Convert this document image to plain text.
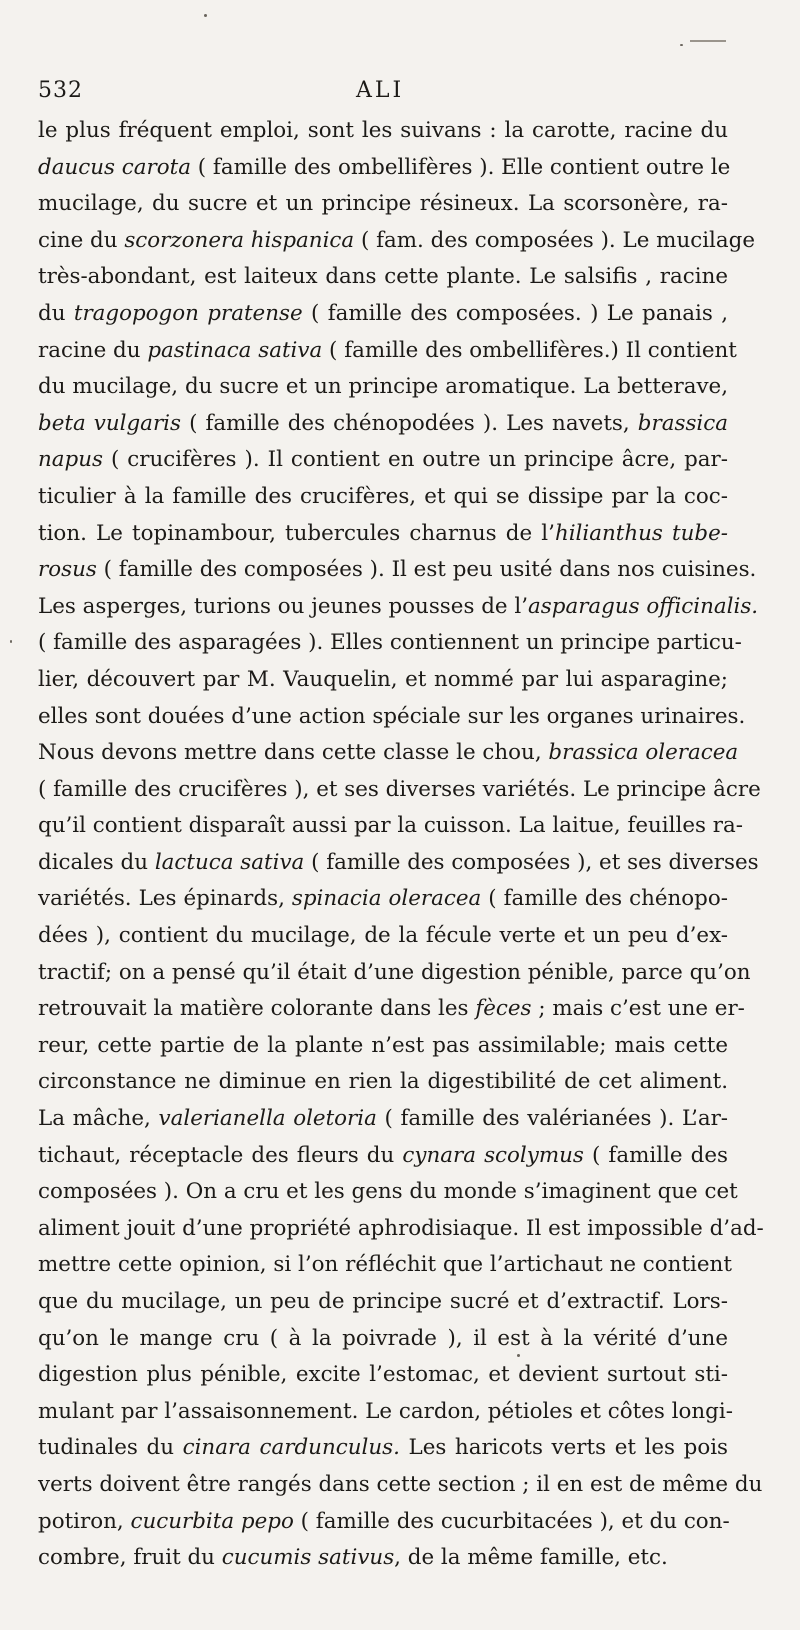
532	ALI
le plus fréquent emploi, sont les suivans : la carotte, racine du
daucus carota ( famille des ombellifères ). Elle contient outre le
mucilage, du sucre et un principe résineux. La scorsonère, ra-
cine du scorzonera hispanica ( fam. des composées ). Le mucilage
très-abondant, est laiteux dans cette plante. Le salsifis , racine
du tragopogon pratense ( famille des composées. ) Le panais ,
racine du pastinaca sativa ( famille des ombellifères.) Il contient
du mucilage, du sucre et un principe aromatique. La betterave,
beta vulgaris ( famille des chénopodées ). Les navets, brassica
napus ( crucifères ). Il contient en outre un principe âcre, par-
ticulier à la famille des crucifères, et qui se dissipe par la coc-
tion. Le topinambour, tubercules charnus de l’hilianthus tube-
rosus ( famille des composées ). Il est peu usité dans nos cuisines.
Les asperges, turions ou jeunes pousses de l’asparagus officinalis.
( famille des asparagées ). Elles contiennent un principe particu-
lier, découvert par M. Vauquelin, et nommé par lui asparagine;
elles sont douées d’une action spéciale sur les organes urinaires.
Nous devons mettre dans cette classe le chou, brassica oleracea
( famille des crucifères ), et ses diverses variétés. Le principe âcre
qu’il contient disparaît aussi par la cuisson. La laitue, feuilles ra-
dicales du lactuca sativa ( famille des composées ), et ses diverses
variétés. Les épinards, spinacia oleracea ( famille des chénopo-
dées ), contient du mucilage, de la fécule verte et un peu d’ex-
tractif; on a pensé qu’il était d’une digestion pénible, parce qu’on
retrouvait la matière colorante dans les fèces ; mais c’est une er-
reur, cette partie de la plante n’est pas assimilable; mais cette
circonstance ne diminue en rien la digestibilité de cet aliment.
La mâche, valerianella oletoria ( famille des valérianées ). L’ar-
tichaut, réceptacle des fleurs du cynara scolymus ( famille des
composées ). On a cru et les gens du monde s’imaginent que cet
aliment jouit d’une propriété aphrodisiaque. Il est impossible d’ad-
mettre cette opinion, si l’on réfléchit que l’artichaut ne contient
que du mucilage, un peu de principe sucré et d’extractif. Lors-
qu’on le mange cru ( à la poivrade ), il est à la vérité d’une
digestion plus pénible, excite l’estomac, et devient surtout sti-
mulant par l’assaisonnement. Le cardon, pétioles et côtes longi-
tudinales du cinara cardunculus. Les haricots verts et les pois
verts doivent être rangés dans cette section ; il en est de même du
potiron, cucurbita pepo ( famille des cucurbitacées ), et du con-
combre, fruit du cucumis sativus, de la même famille, etc.
